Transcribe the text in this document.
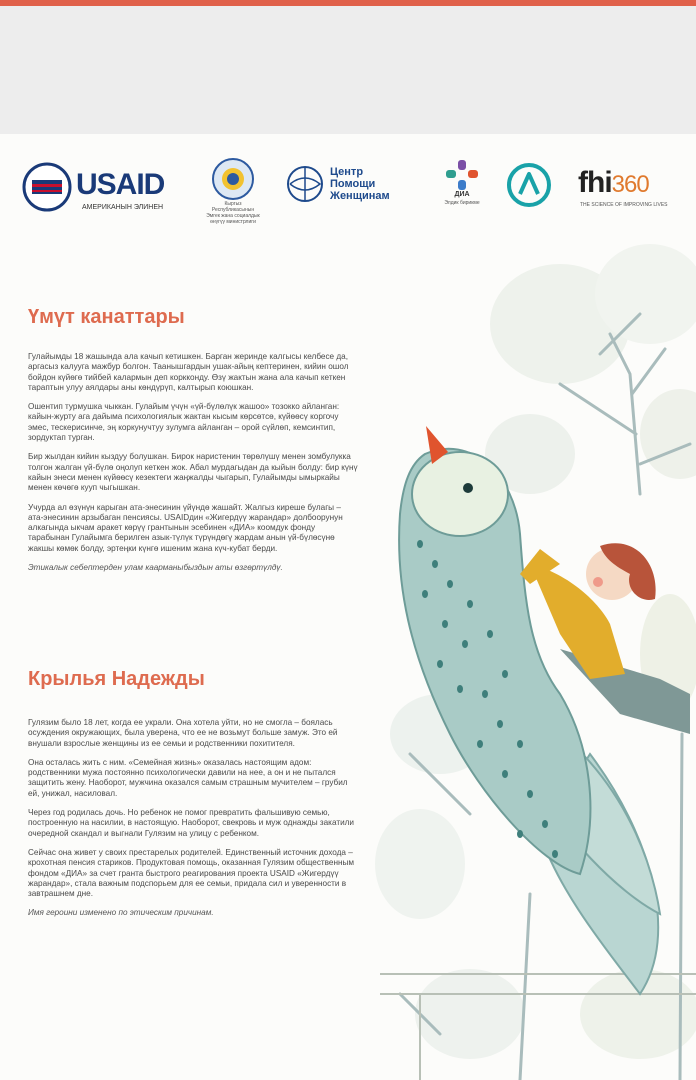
USAID
АМЕРИКАНЫН ЭЛИНЕН	Кыргыз Республикасынын Эмгек жана социалдык өнүгүү министрлиги
Центр
Помощи
Женщинам	ДИА
Элдик бирикме
fhi360
THE SCIENCE OF IMPROVING LIVES
Үмүт канаттары

Гулайымды 18 жашында ала качып кетишкен. Барган жеринде калгысы келбесе да, аргасыз калууга мажбур болгон. Таанышгардын ушак-айың кептеринен, кийин ошол бойдон күйөгө тийбей калармын деп коркконду. Өзү жактын жана ала качып кеткен тараптын улуу аялдары аны көндүрүп, калтырып коюшкан.

Ошентип турмушка чыккан. Гулайым үчүн «үй-бүлөлүк жашоо» тозокко айланган: кайын-журту ага дайыма психологиялык жактан кысым көрсөтсө, күйөөсү коргочу эмес, тескерисинче, эң коркунучтуу зулумга айланган – орой сүйлөп, кемсинтип, зордуктап турган.

Бир жылдан кийин кыздуу болушкан. Бирок наристенин төрөлүшү менен зомбулукка толгон жалган үй-бүлө оңолуп кеткен жок. Абал мурдагыдан да кыйын болду: бир күнү кайын энеси менен күйөөсү кезектеги жаңжалды чыгарып, Гулайымды ымыркайы менен көчөгө кууп чыгышкан.

Учурда ал өзүнүн карыган ата-энесинин үйүндө жашайт. Жалгыз киреше булагы – ата-энесинин арзыбаган пенсиясы. USAIDдин «Жигердүү жарандар» долбоорунун алкагында ыкчам аракет көрүү грантынын эсебинен «ДИА» коомдук фонду тарабынан Гулайымга берилген азык-түлүк түрүндөгү жардам анын үй-бүлөсүнө жакшы көмөк болду, эртеңки күнгө ишеним жана күч-кубат берди.

Этикалык себептерден улам каарманыбыздын аты өзгөртүлдү.

Крылья Надежды

Гулязим было 18 лет, когда ее украли. Она хотела уйти, но не смогла – боялась осуждения окружающих, была уверена, что ее не возьмут больше замуж. Это ей внушали взрослые женщины из ее семьи и родственники похитителя.

Она осталась жить с ним. «Семейная жизнь» оказалась настоящим адом: родственники мужа постоянно психологически давили на нее, а он и не пытался защитить жену. Наоборот, мужчина оказался самым страшным мучителем – грубил ей, унижал, насиловал.

Через год родилась дочь. Но ребенок не помог превратить фальшивую семью, построенную на насилии, в настоящую. Наоборот, свекровь и муж однажды закатили очередной скандал и выгнали Гулязим на улицу с ребенком.

Сейчас она живет у своих престарелых родителей. Единственный источник дохода – крохотная пенсия стариков. Продуктовая помощь, оказанная Гулязим общественным фондом «ДИА» за счет гранта быстрого реагирования проекта USAID «Жигердүү жарандар», стала важным подспорьем для ее семьи, придала сил и уверенности в завтрашнем дне.

Имя героини изменено по этическим причинам.
